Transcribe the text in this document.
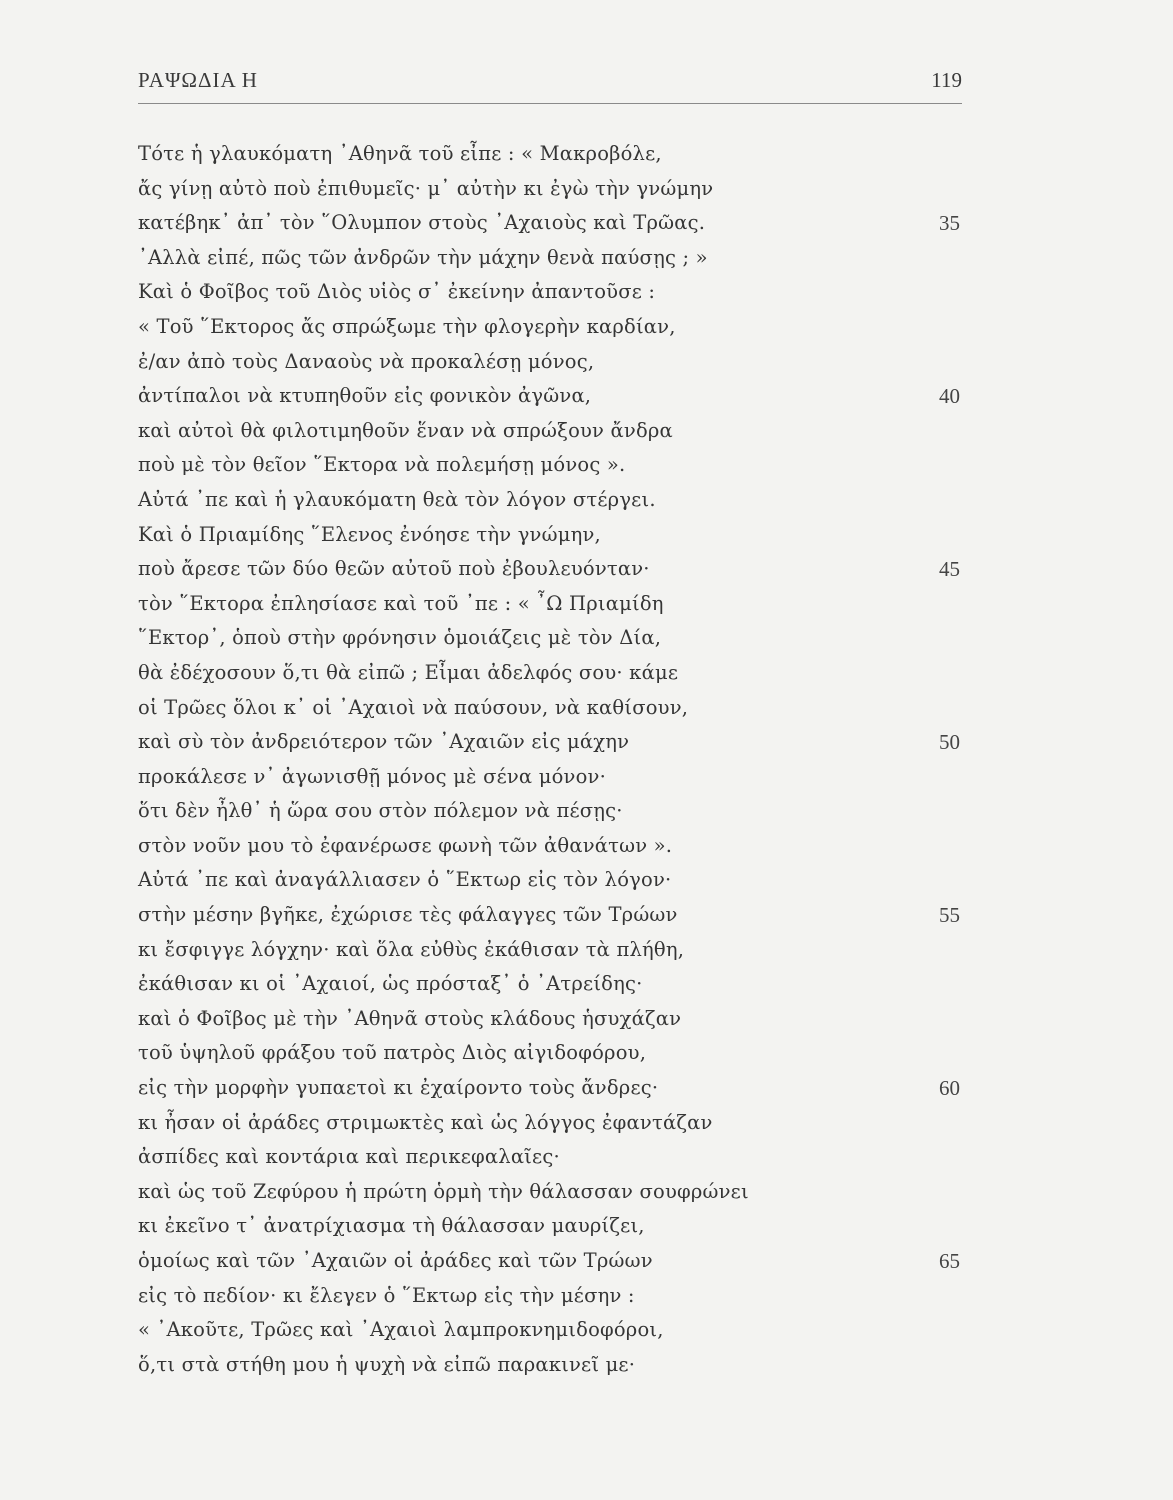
ΡΑΨΩΔΙΑ Η	119
Τότε ἡ γλαυκόματη ᾿Αθηνᾶ τοῦ εἶπε : « Μακροβόλε,
ἄς γίνῃ αὐτὸ ποὺ ἐπιθυμεῖς· μ᾿ αὐτὴν κι ἐγὼ τὴν γνώμην
κατέβηκ᾿ ἀπ᾿ τὸν ῞Ολυμπον στοὺς ᾿Αχαιοὺς καὶ Τρῶας.	35
᾿Αλλὰ εἰπέ, πῶς τῶν ἀνδρῶν τὴν μάχην θενὰ παύσῃς ; »
Καὶ ὁ Φοῖβος τοῦ Διὸς υἱὸς σ᾿ ἐκείνην ἀπαντοῦσε :
« Τοῦ ῞Εκτορος ἄς σπρώξωμε τὴν φλογερὴν καρδίαν,
ἐ/αν ἀπὸ τοὺς Δαναοὺς νὰ προκαλέσῃ μόνος,
ἀντίπαλοι νὰ κτυπηθοῦν εἰς φονικὸν ἀγῶνα,	40
καὶ αὐτοὶ θὰ φιλοτιμηθοῦν ἕναν νὰ σπρώξουν ἄνδρα
ποὺ μὲ τὸν θεῖον ῞Εκτορα νὰ πολεμήσῃ μόνος ».
Αὐτά ᾿πε καὶ ἡ γλαυκόματη θεὰ τὸν λόγον στέργει.
Καὶ ὁ Πριαμίδης ῞Ελενος ἐνόησε τὴν γνώμην,
ποὺ ἄρεσε τῶν δύο θεῶν αὐτοῦ ποὺ ἐβουλευόνταν·	45
τὸν ῞Εκτορα ἐπλησίασε καὶ τοῦ ᾿πε : « ῏Ω Πριαμίδη
῞Εκτορ᾿, ὁποὺ στὴν φρόνησιν ὁμοιάζεις μὲ τὸν Δία,
θὰ ἐδέχοσουν ὅ,τι θὰ εἰπῶ ; Εἶμαι ἀδελφός σου· κάμε
οἱ Τρῶες ὅλοι κ᾿ οἱ ᾿Αχαιοὶ νὰ παύσουν, νὰ καθίσουν,
καὶ σὺ τὸν ἀνδρειότερον τῶν ᾿Αχαιῶν εἰς μάχην	50
προκάλεσε ν᾿ ἀγωνισθῇ μόνος μὲ σένα μόνον·
ὅτι δὲν ἦλθ᾿ ἡ ὥρα σου στὸν πόλεμον νὰ πέσῃς·
στὸν νοῦν μου τὸ ἐφανέρωσε φωνὴ τῶν ἀθανάτων ».
Αὐτά ᾿πε καὶ ἀναγάλλιασεν ὁ ῞Εκτωρ εἰς τὸν λόγον·
στὴν μέσην βγῆκε, ἐχώρισε τὲς φάλαγγες τῶν Τρώων	55
κι ἔσφιγγε λόγχην· καὶ ὅλα εὐθὺς ἐκάθισαν τὰ πλήθη,
ἐκάθισαν κι οἱ ᾿Αχαιοί, ὡς πρόσταξ᾿ ὁ ᾿Ατρείδης·
καὶ ὁ Φοῖβος μὲ τὴν ᾿Αθηνᾶ στοὺς κλάδους ἡσυχάζαν
τοῦ ὑψηλοῦ φράξου τοῦ πατρὸς Διὸς αἰγιδοφόρου,
εἰς τὴν μορφὴν γυπαετοὶ κι ἐχαίροντο τοὺς ἄνδρες·	60
κι ἦσαν οἱ ἀράδες στριμωκτὲς καὶ ὡς λόγγος ἐφαντάζαν
ἀσπίδες καὶ κοντάρια καὶ περικεφαλαῖες·
καὶ ὡς τοῦ Ζεφύρου ἡ πρώτη ὁρμὴ τὴν θάλασσαν σουφρώνει
κι ἐκεῖνο τ᾿ ἀνατρίχιασμα τὴ θάλασσαν μαυρίζει,
ὁμοίως καὶ τῶν ᾿Αχαιῶν οἱ ἀράδες καὶ τῶν Τρώων	65
εἰς τὸ πεδίον· κι ἔλεγεν ὁ ῞Εκτωρ εἰς τὴν μέσην :
« ᾿Ακοῦτε, Τρῶες καὶ ᾿Αχαιοὶ λαμπροκνημιδοφόροι,
ὅ,τι στὰ στήθη μου ἡ ψυχὴ νὰ εἰπῶ παρακινεῖ με·
